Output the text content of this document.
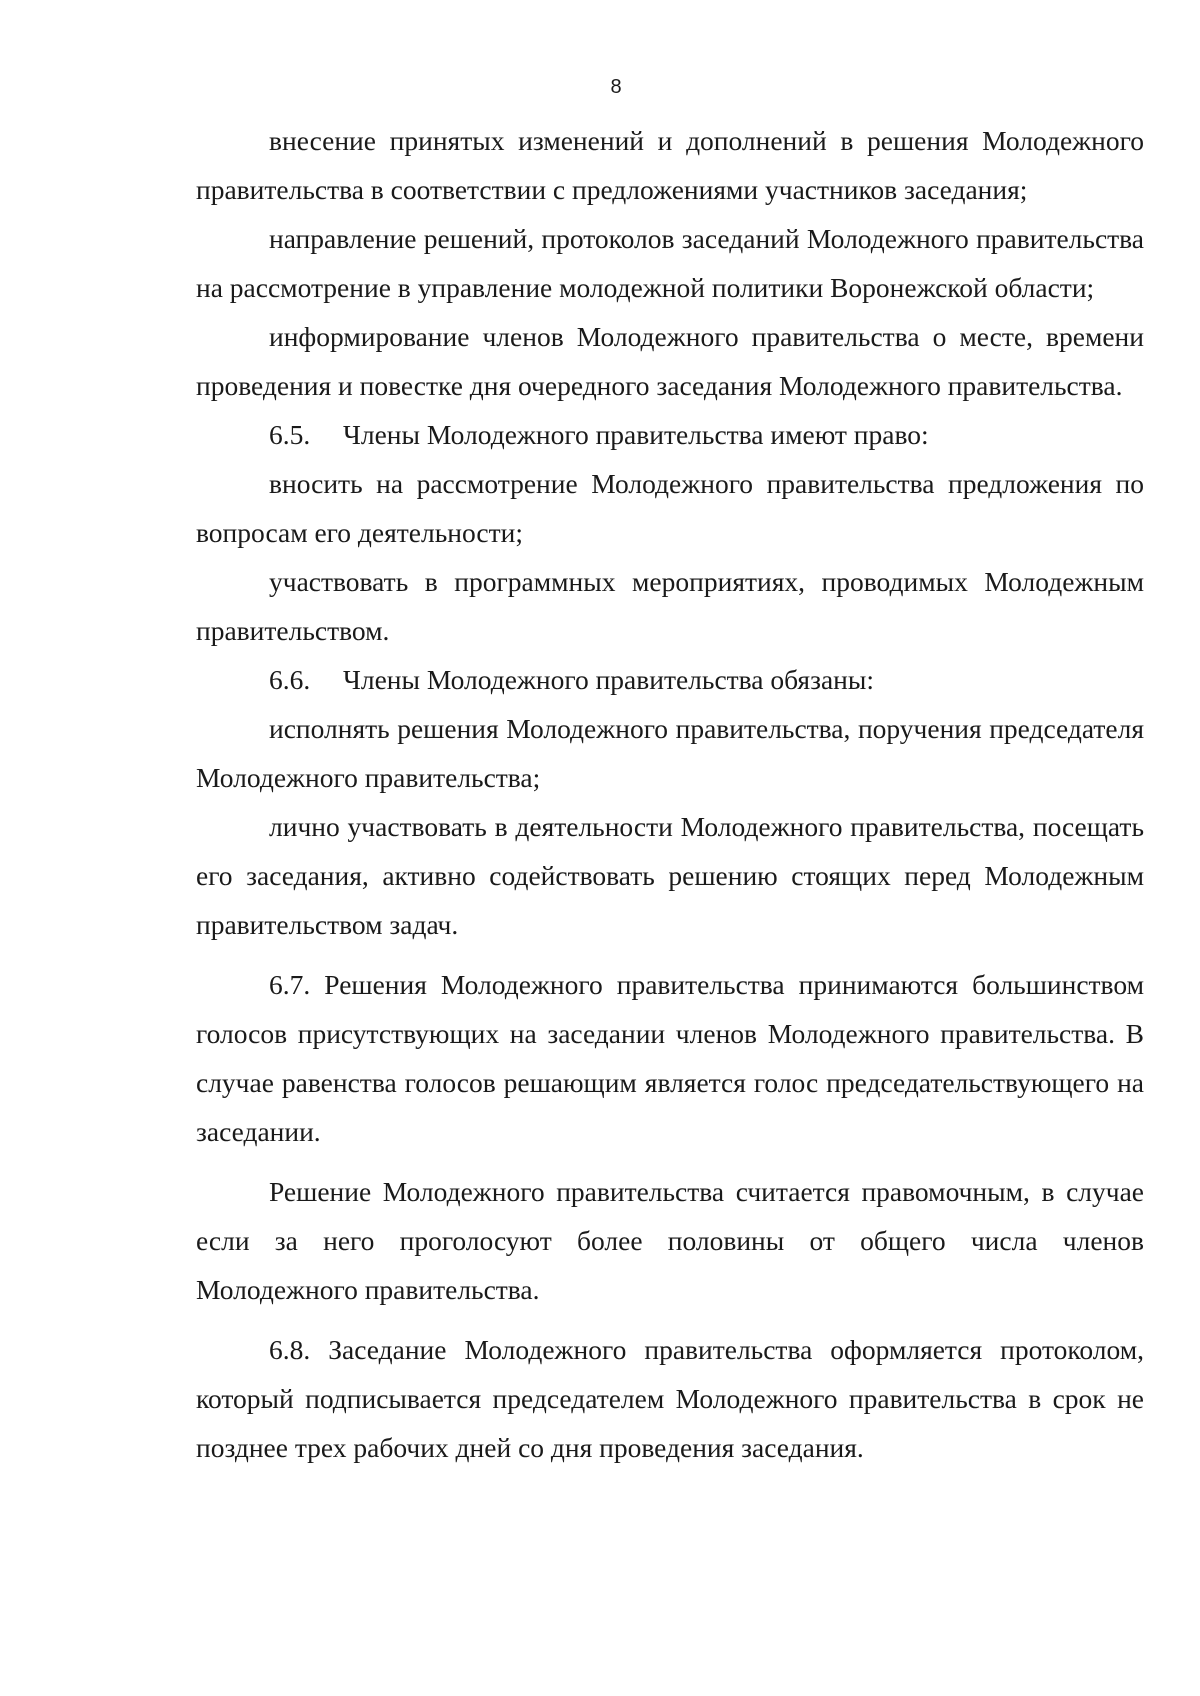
8

внесение принятых изменений и дополнений в решения Молодежного правительства в соответствии с предложениями участников заседания;

направление решений, протоколов заседаний Молодежного правительства на рассмотрение в управление молодежной политики Воронежской области;

информирование членов Молодежного правительства о месте, времени проведения и повестке дня очередного заседания Молодежного правительства.

6.5. Члены Молодежного правительства имеют право:

вносить на рассмотрение Молодежного правительства предложения по вопросам его деятельности;

участвовать в программных мероприятиях, проводимых Молодежным правительством.

6.6. Члены Молодежного правительства обязаны:

исполнять решения Молодежного правительства, поручения председателя Молодежного правительства;

лично участвовать в деятельности Молодежного правительства, посещать его заседания, активно содействовать решению стоящих перед Молодежным правительством задач.

6.7. Решения Молодежного правительства принимаются большинством голосов присутствующих на заседании членов Молодежного правительства. В случае равенства голосов решающим является голос председательствующего на заседании.

Решение Молодежного правительства считается правомочным, в случае если за него проголосуют более половины от общего числа членов Молодежного правительства.

6.8. Заседание Молодежного правительства оформляется протоколом, который подписывается председателем Молодежного правительства в срок не позднее трех рабочих дней со дня проведения заседания.
